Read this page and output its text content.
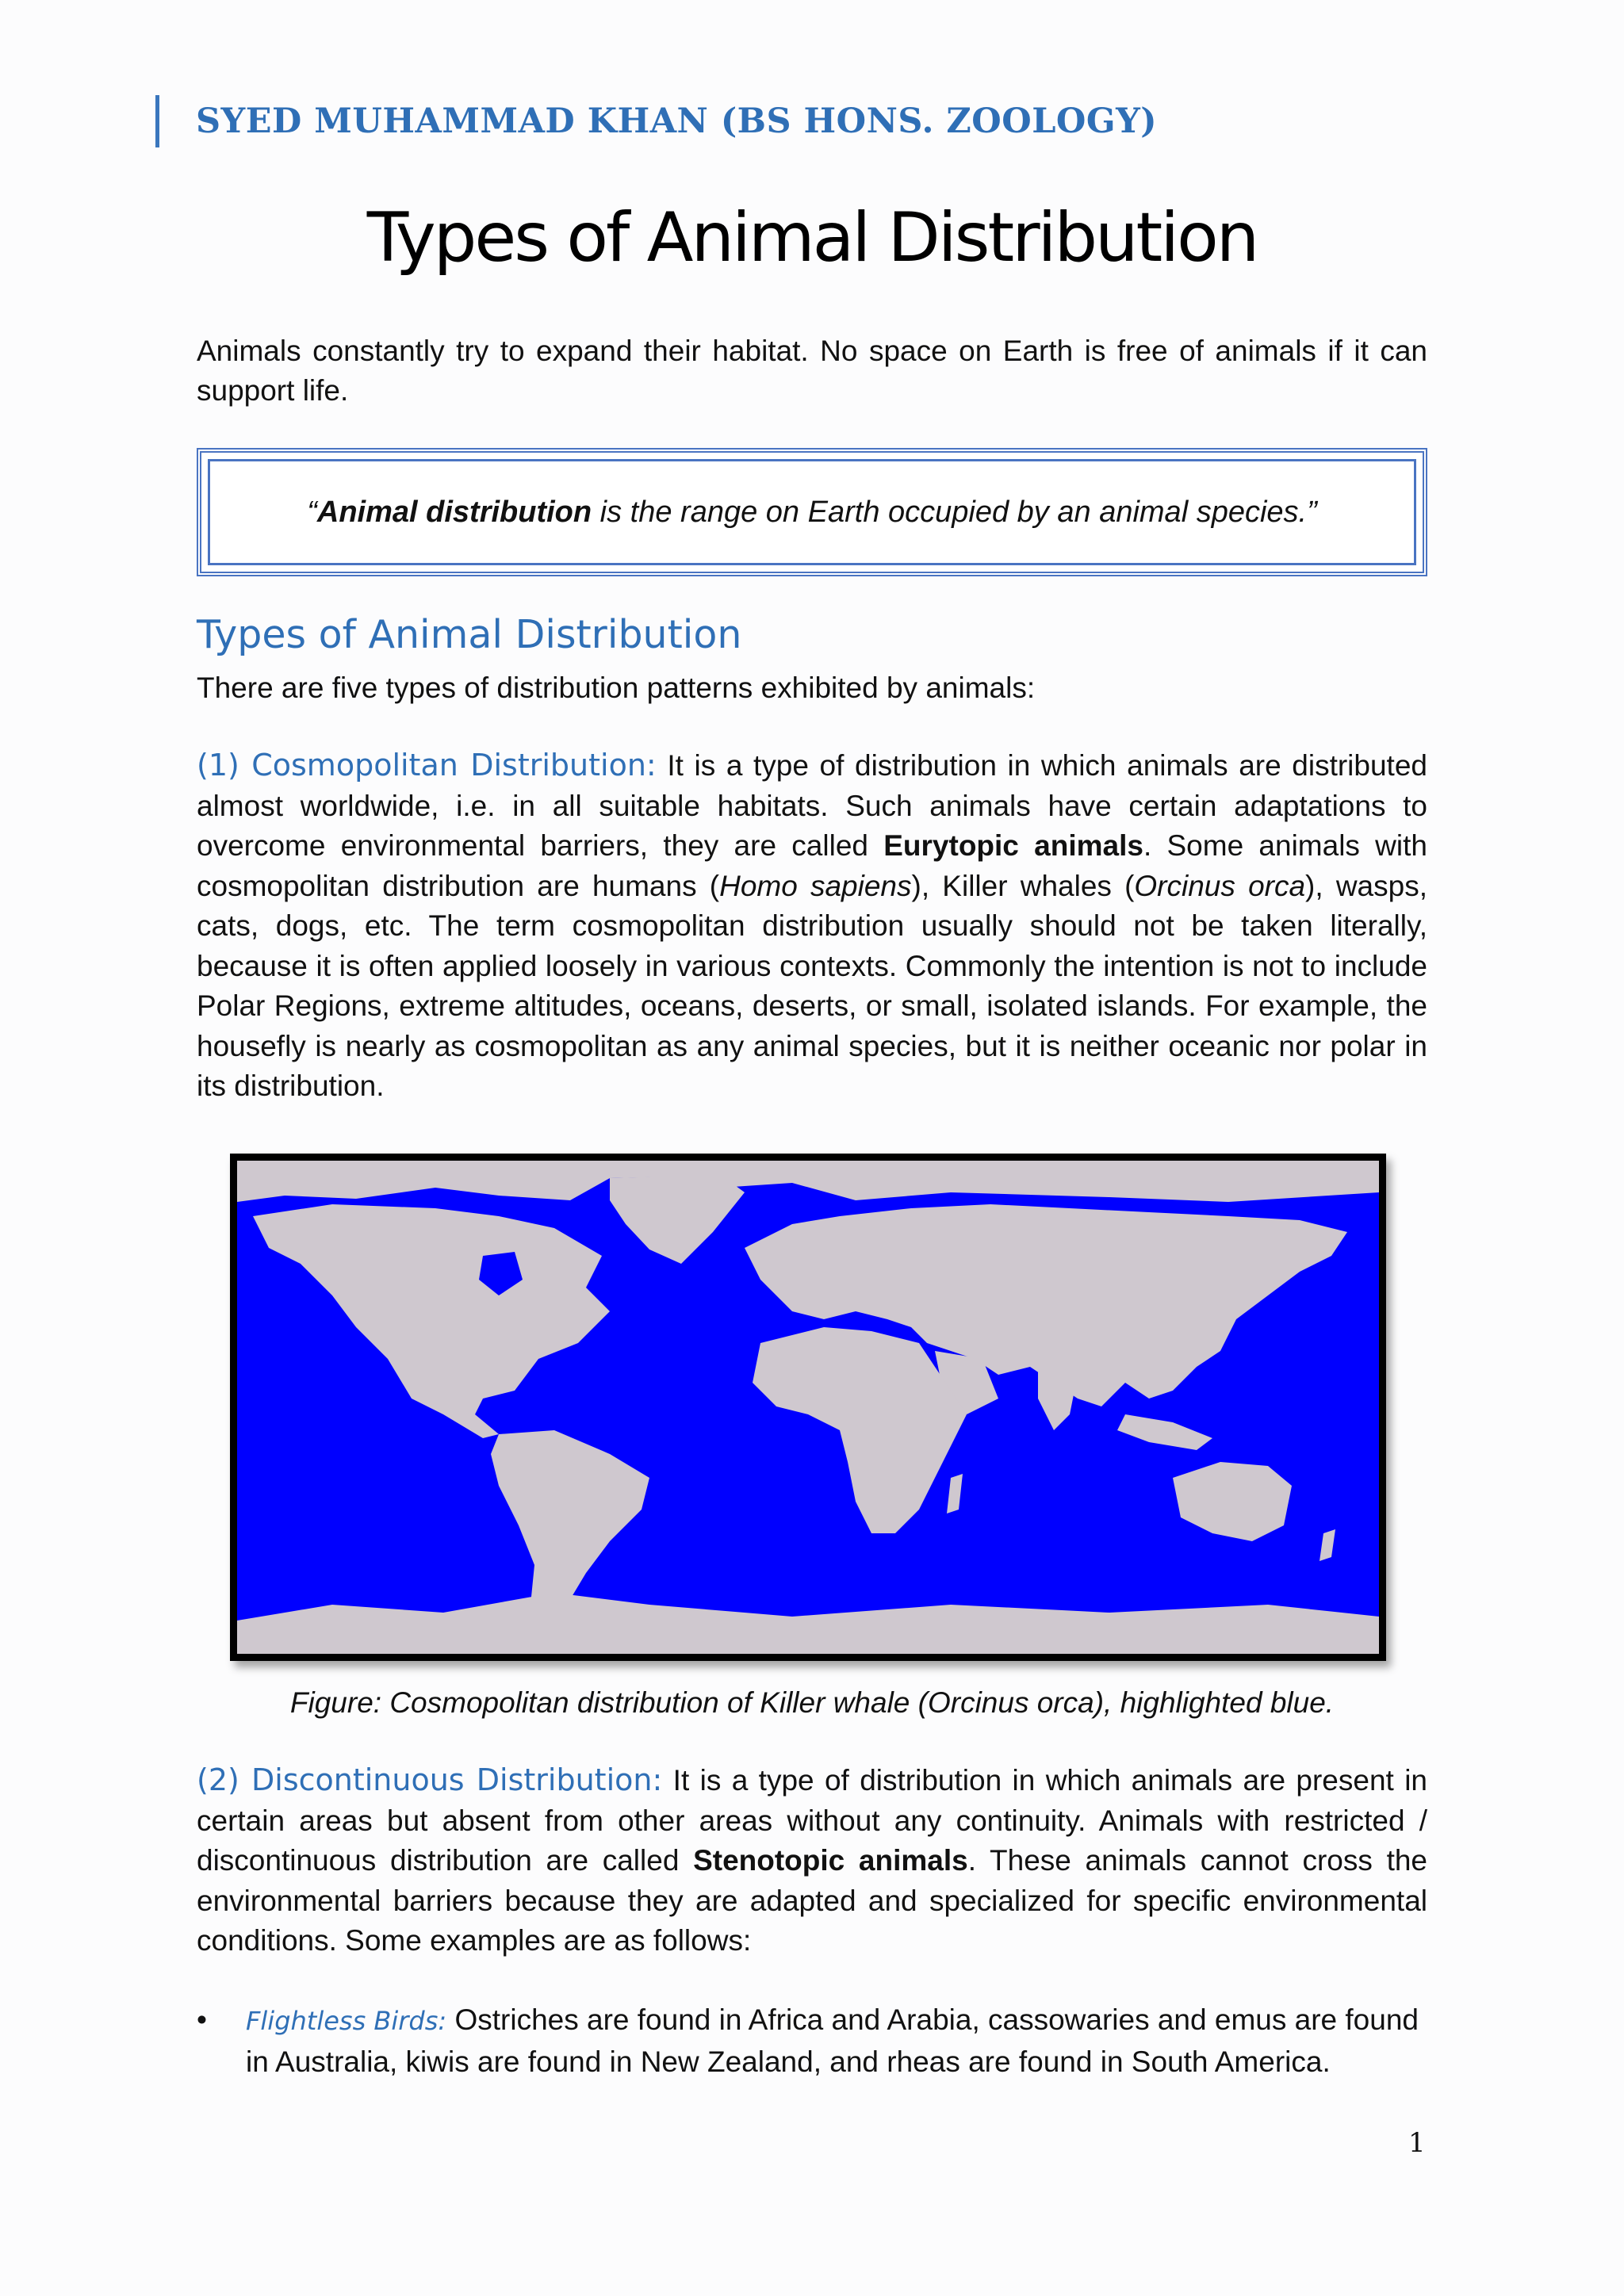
SYED MUHAMMAD KHAN (BS HONS. ZOOLOGY)
Types of Animal Distribution

Animals constantly try to expand their habitat. No space on Earth is free of animals if it can support life.

“Animal distribution is the range on Earth occupied by an animal species.”
Types of Animal Distribution

There are five types of distribution patterns exhibited by animals:

(1) Cosmopolitan Distribution: It is a type of distribution in which animals are distributed almost worldwide, i.e. in all suitable habitats. Such animals have certain adaptations to overcome environmental barriers, they are called Eurytopic animals. Some animals with cosmopolitan distribution are humans (Homo sapiens), Killer whales (Orcinus orca), wasps, cats, dogs, etc. The term cosmopolitan distribution usually should not be taken literally, because it is often applied loosely in various contexts. Commonly the intention is not to include Polar Regions, extreme altitudes, oceans, deserts, or small, isolated islands. For example, the housefly is nearly as cosmopolitan as any animal species, but it is neither oceanic nor polar in its distribution.

Figure: Cosmopolitan distribution of Killer whale (Orcinus orca), highlighted blue.

(2) Discontinuous Distribution: It is a type of distribution in which animals are present in certain areas but absent from other areas without any continuity. Animals with restricted / discontinuous distribution are called Stenotopic animals. These animals cannot cross the environmental barriers because they are adapted and specialized for specific environmental conditions. Some examples are as follows:

• Flightless Birds: Ostriches are found in Africa and Arabia, cassowaries and emus are found in Australia, kiwis are found in New Zealand, and rheas are found in South America.
1
